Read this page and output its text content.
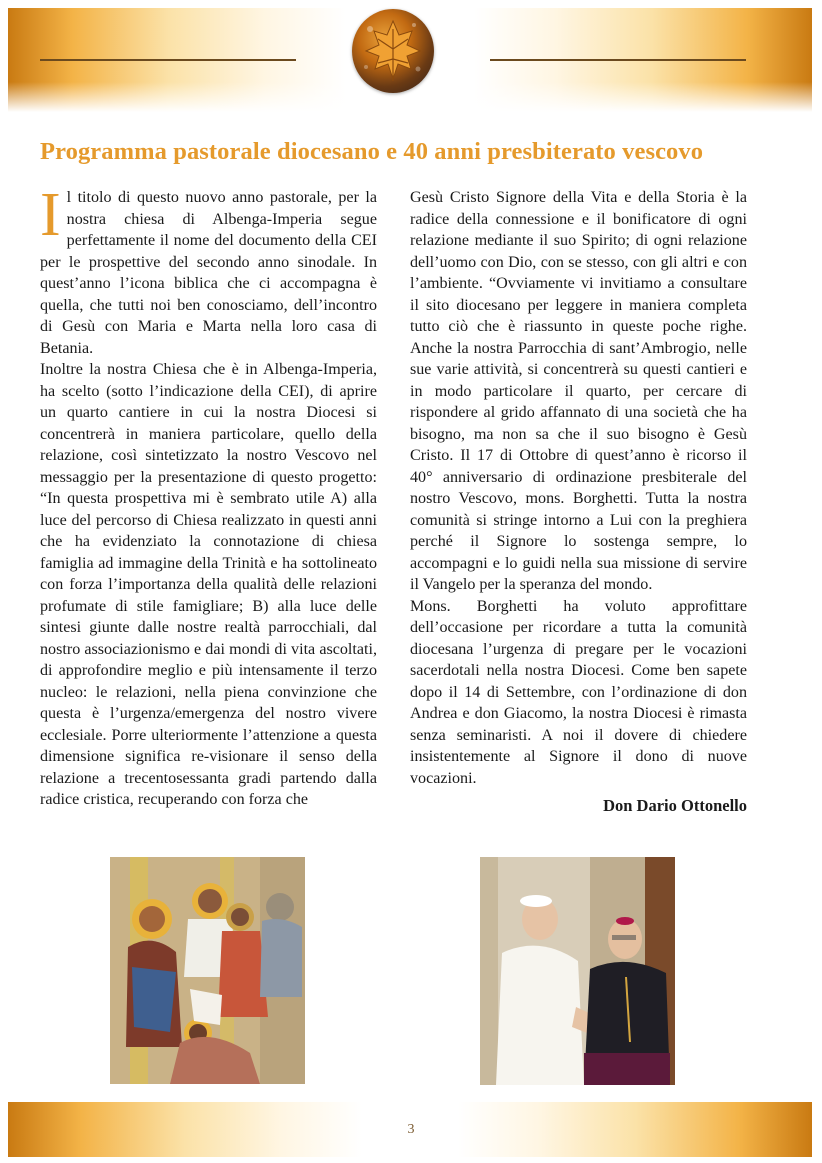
Programma pastorale diocesano e 40 anni presbiterato vescovo

Il titolo di questo nuovo anno pastorale, per la nostra chiesa di Albenga-Imperia segue perfettamente il nome del documento della CEI per le prospettive del secondo anno sinodale. In quest’anno l’icona biblica che ci accompagna è quella, che tutti noi ben conosciamo, dell’incontro di Gesù con Maria e Marta nella loro casa di Betania.

Inoltre la nostra Chiesa che è in Albenga-Imperia, ha scelto (sotto l’indicazione della CEI), di aprire un quarto cantiere in cui la nostra Diocesi si concentrerà in maniera particolare, quello della relazione, così sintetizzato la nostro Vescovo nel messaggio per la presentazione di questo progetto: “In questa prospettiva mi è sembrato utile A) alla luce del percorso di Chiesa realizzato in questi anni che ha evidenziato la connotazione di chiesa famiglia ad immagine della Trinità e ha sottolineato con forza l’importanza della qualità delle relazioni profumate di stile famigliare; B) alla luce delle sintesi giunte dalle nostre realtà parrocchiali, dal nostro associazionismo e dai mondi di vita ascoltati, di approfondire meglio e più intensamente il terzo nucleo: le relazioni, nella piena convinzione che questa è l’urgenza/emergenza del nostro vivere ecclesiale. Porre ulteriormente l’attenzione a questa dimensione significa re-visionare il senso della relazione a trecentosessanta gradi partendo dalla radice cristica, recuperando con forza che

Gesù Cristo Signore della Vita e della Storia è la radice della connessione e il bonificatore di ogni relazione mediante il suo Spirito; di ogni relazione dell’uomo con Dio, con se stesso, con gli altri e con l’ambiente. “Ovviamente vi invitiamo a consultare il sito diocesano per leggere in maniera completa tutto ciò che è riassunto in queste poche righe. Anche la nostra Parrocchia di sant’Ambrogio, nelle sue varie attività, si concentrerà su questi cantieri e in modo particolare il quarto, per cercare di rispondere al grido affannato di una società che ha bisogno, ma non sa che il suo bisogno è Gesù Cristo. Il 17 di Ottobre di quest’anno è ricorso il 40° anniversario di ordinazione presbiterale del nostro Vescovo, mons. Borghetti. Tutta la nostra comunità si stringe intorno a Lui con la preghiera perché il Signore lo sostenga sempre, lo accompagni e lo guidi nella sua missione di servire il Vangelo per la speranza del mondo.

Mons. Borghetti ha voluto approfittare dell’occasione per ricordare a tutta la comunità diocesana l’urgenza di pregare per le vocazioni sacerdotali nella nostra Diocesi. Come ben sapete dopo il 14 di Settembre, con l’ordinazione di don Andrea e don Giacomo, la nostra Diocesi è rimasta senza seminaristi. A noi il dovere di chiedere insistentemente al Signore il dono di nuove vocazioni.

Don Dario Ottonello
3
